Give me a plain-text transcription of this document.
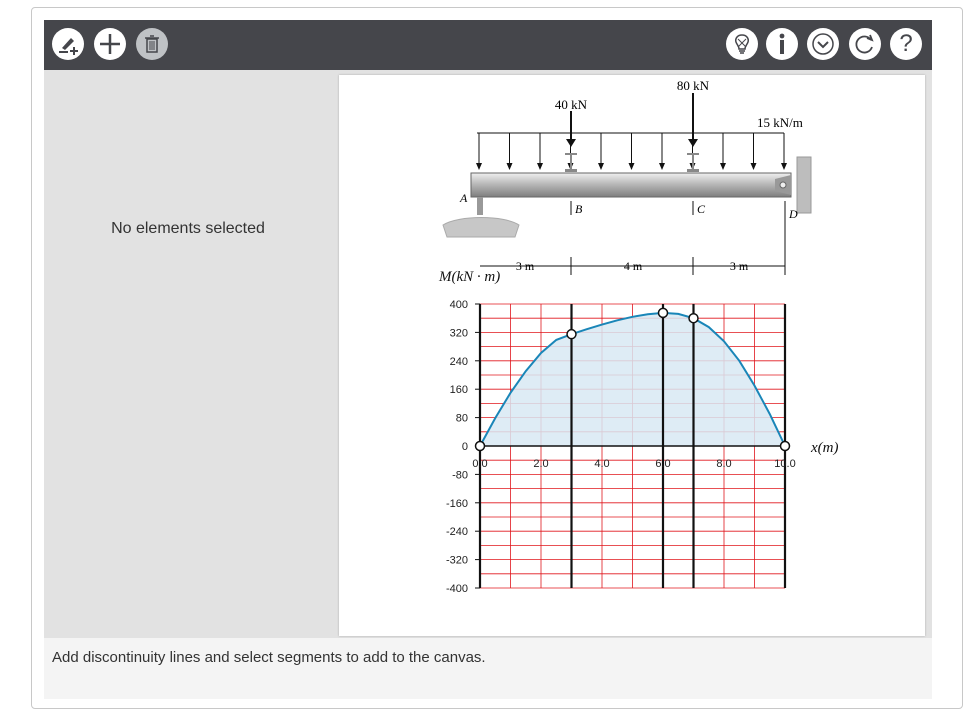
?
No elements selected
40 kN
80 kN
15 kN/m
A
B	C	D
3 m	4 m	3 m
400
320
240
160
80
0
-80
-160
-240
-320
-400
0.0	2.0	4.0	6.0	8.0	10.0
M(kN · m)
x(m)
Add discontinuity lines and select segments to add to the canvas.
